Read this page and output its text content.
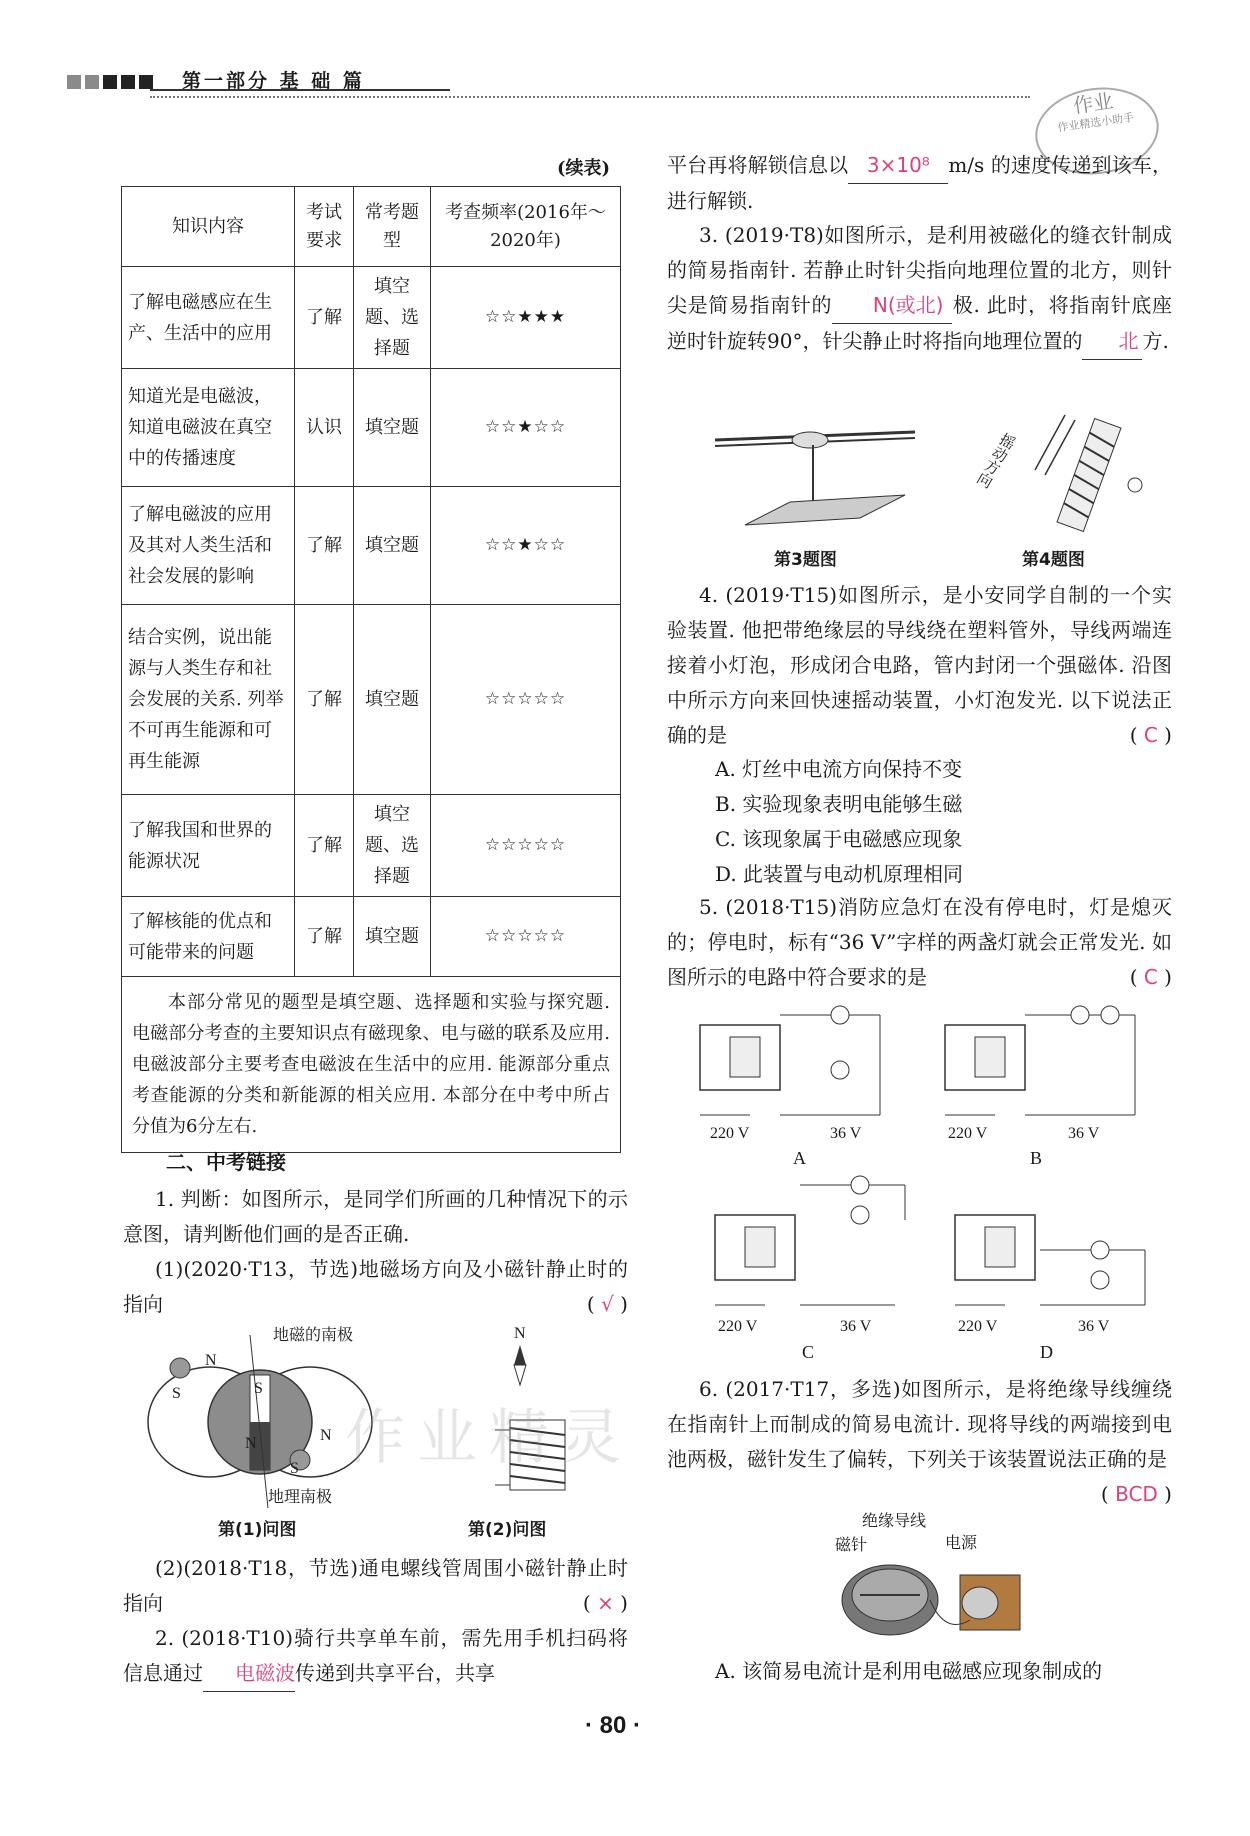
第一部分 基 础 篇
作业
作业精选小助手
(续表)
知识内容	考试要求	常考题型	考查频率(2016年～2020年)
了解电磁感应在生产、生活中的应用	了解	填空题、选择题	☆☆★★★
知道光是电磁波，知道电磁波在真空中的传播速度	认识	填空题	☆☆★☆☆
了解电磁波的应用及其对人类生活和社会发展的影响	了解	填空题	☆☆★☆☆
结合实例，说出能源与人类生存和社会发展的关系. 列举不可再生能源和可再生能源	了解	填空题	☆☆☆☆☆
了解我国和世界的能源状况	了解	填空题、选择题	☆☆☆☆☆
了解核能的优点和可能带来的问题	了解	填空题	☆☆☆☆☆
本部分常见的题型是填空题、选择题和实验与探究题. 电磁部分考查的主要知识点有磁现象、电与磁的联系及应用. 电磁波部分主要考查电磁波在生活中的应用. 能源部分重点考查能源的分类和新能源的相关应用. 本部分在中考中所占分值为6分左右.			
二、中考链接
1. 判断：如图所示，是同学们所画的几种情况下的示意图，请判断他们画的是否正确.
(1)(2020·T13，节选)地磁场方向及小磁针静止时的指向	( √ )
地磁的南极
地理南极
N
S	S
N	N
S
N
第(1)问图	第(2)问图
作业精灵
(2)(2018·T18，节选)通电螺线管周围小磁针静止时指向	( × )
2. (2018·T10)骑行共享单车前，需先用手机扫码将信息通过 电磁波传递到共享平台，共享
平台再将解锁信息以 3×10⁸ m/s 的速度传递到该车，进行解锁.
3. (2019·T8)如图所示，是利用被磁化的缝衣针制成的简易指南针. 若静止时针尖指向地理位置的北方，则针尖是简易指南针的 N(或北) 极. 此时，将指南针底座逆时针旋转90°，针尖静止时将指向地理位置的 北 方.
摇动方向
第3题图	第4题图
4. (2019·T15)如图所示，是小安同学自制的一个实验装置. 他把带绝缘层的导线绕在塑料管外，导线两端连接着小灯泡，形成闭合电路，管内封闭一个强磁体. 沿图中所示方向来回快速摇动装置，小灯泡发光. 以下说法正确的是	( C )
A. 灯丝中电流方向保持不变
B. 实验现象表明电能够生磁
C. 该现象属于电磁感应现象
D. 此装置与电动机原理相同
5. (2018·T15)消防应急灯在没有停电时，灯是熄灭的；停电时，标有“36 V”字样的两盏灯就会正常发光. 如图所示的电路中符合要求的是	( C )
220 V	36 V
A
220 V	36 V
B
220 V	36 V
C
220 V	36 V
D
6. (2017·T17，多选)如图所示，是将绝缘导线缠绕在指南针上而制成的简易电流计. 现将导线的两端接到电池两极，磁针发生了偏转，下列关于该装置说法正确的是
( BCD )
绝缘导线
磁针	电源
A. 该简易电流计是利用电磁感应现象制成的
· 80 ·
